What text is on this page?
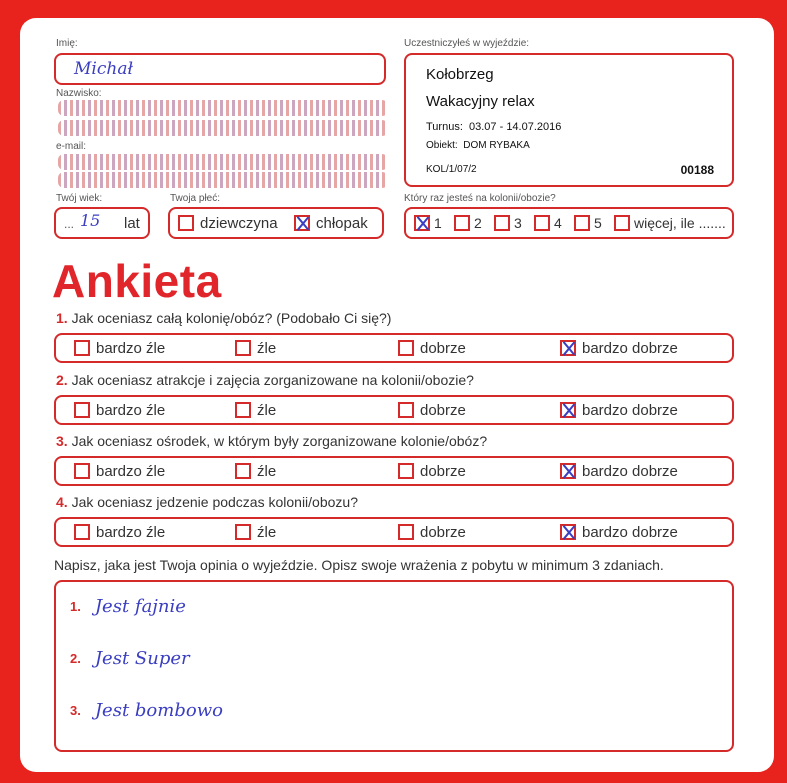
Imię:
Michał
Nazwisko:
e-mail:
Twój wiek:
... 15 lat
Twoja płeć:
dziewczyna	chłopak
Uczestniczyłeś w wyjeździe:
Kołobrzeg
Wakacyjny relax
Turnus: 03.07 - 14.07.2016
Obiekt: DOM RYBAKA
KOL/1/07/2	00188
Który raz jesteś na kolonii/obozie?
1 2 3 4 5 więcej, ile .......
Ankieta
1. Jak oceniasz całą kolonię/obóz? (Podobało Ci się?)
bardzo źle	źle	dobrze	bardzo dobrze
2. Jak oceniasz atrakcje i zajęcia zorganizowane na kolonii/obozie?
bardzo źle	źle	dobrze	bardzo dobrze
3. Jak oceniasz ośrodek, w którym były zorganizowane kolonie/obóz?
bardzo źle	źle	dobrze	bardzo dobrze
4. Jak oceniasz jedzenie podczas kolonii/obozu?
bardzo źle	źle	dobrze	bardzo dobrze
Napisz, jaka jest Twoja opinia o wyjeździe. Opisz swoje wrażenia z pobytu w minimum 3 zdaniach.
1. Jest fajnie
2. Jest Super
3. Jest bombowo
